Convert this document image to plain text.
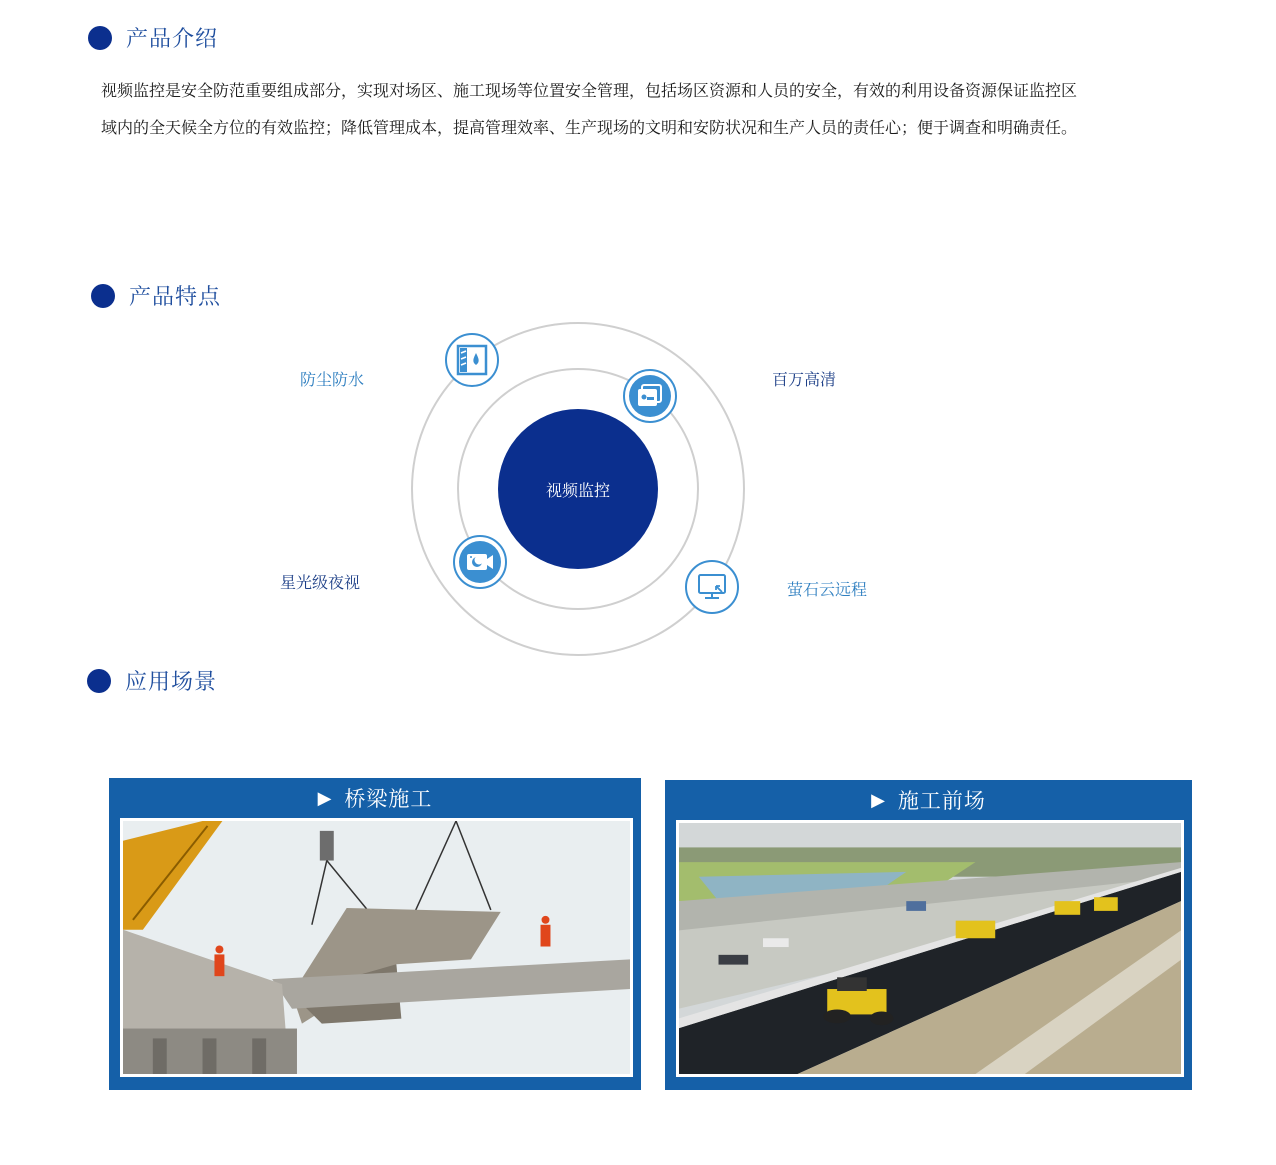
产品介绍
视频监控是安全防范重要组成部分，实现对场区、施工现场等位置安全管理，包括场区资源和人员的安全，有效的利用设备资源保证监控区域内的全天候全方位的有效监控；降低管理成本，提高管理效率、生产现场的文明和安防状况和生产人员的责任心；便于调查和明确责任。
产品特点
视频监控
防尘防水	百万高清
星光级夜视	萤石云远程
应用场景
▶ 桥梁施工	▶ 施工前场
